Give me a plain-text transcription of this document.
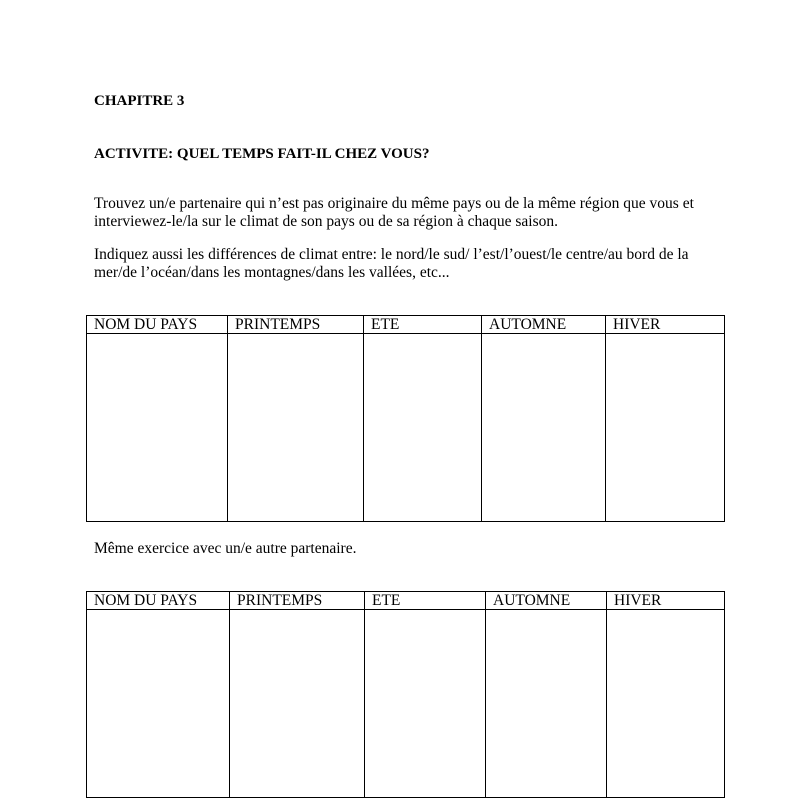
CHAPITRE 3
ACTIVITE: QUEL TEMPS FAIT-IL CHEZ VOUS?
Trouvez un/e partenaire qui n’est pas originaire du même pays ou de la même région que vous et interviewez-le/la sur le climat de son pays ou de sa région à chaque saison.
Indiquez aussi les différences de climat entre: le nord/le sud/ l’est/l’ouest/le centre/au bord de la mer/de l’océan/dans les montagnes/dans les vallées, etc...
NOM DU PAYS	PRINTEMPS	ETE	AUTOMNE	HIVER

Même exercice avec un/e autre partenaire.
NOM DU PAYS	PRINTEMPS	ETE	AUTOMNE	HIVER
